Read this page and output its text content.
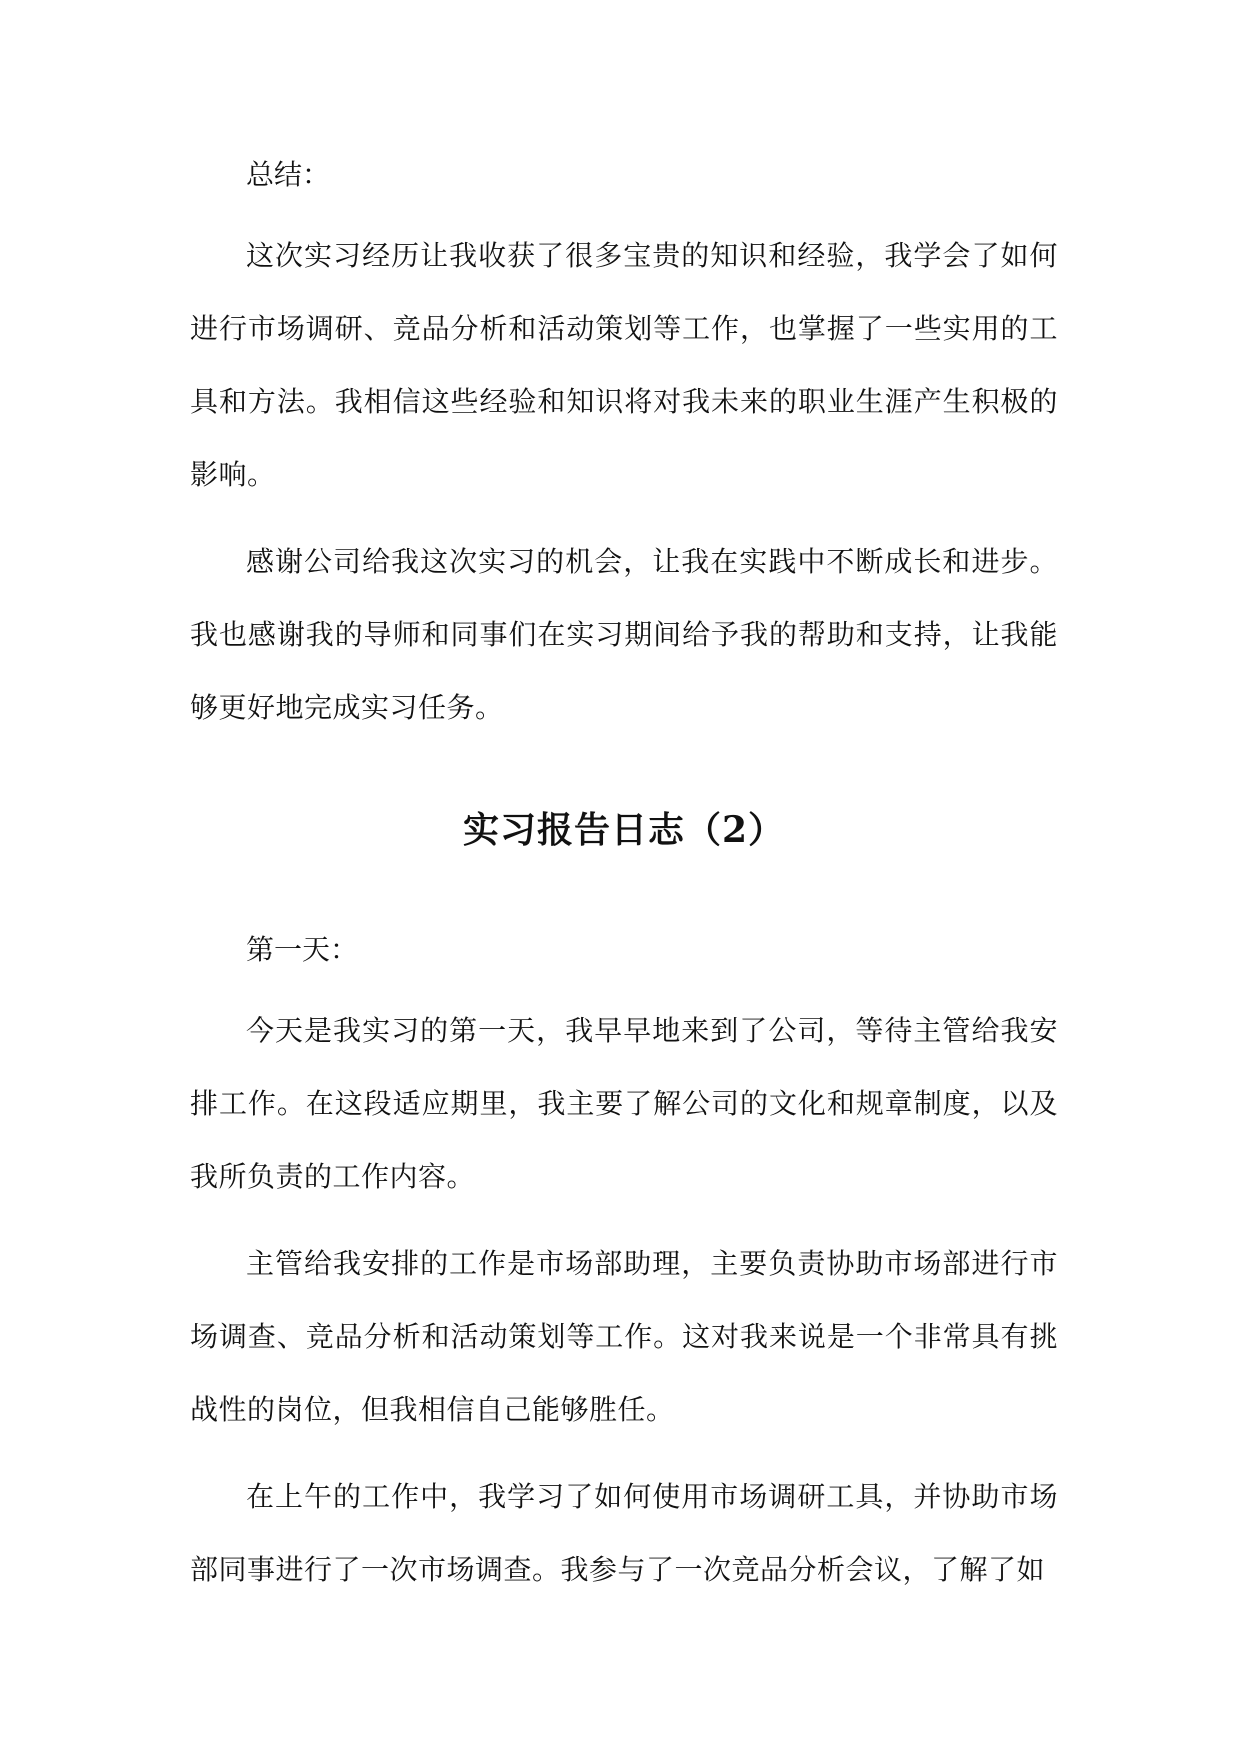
总结：

这次实习经历让我收获了很多宝贵的知识和经验，我学会了如何进行市场调研、竞品分析和活动策划等工作，也掌握了一些实用的工具和方法。我相信这些经验和知识将对我未来的职业生涯产生积极的影响。

感谢公司给我这次实习的机会，让我在实践中不断成长和进步。我也感谢我的导师和同事们在实习期间给予我的帮助和支持，让我能够更好地完成实习任务。

实习报告日志（2）

第一天：

今天是我实习的第一天，我早早地来到了公司，等待主管给我安排工作。在这段适应期里，我主要了解公司的文化和规章制度，以及我所负责的工作内容。

主管给我安排的工作是市场部助理，主要负责协助市场部进行市场调查、竞品分析和活动策划等工作。这对我来说是一个非常具有挑战性的岗位，但我相信自己能够胜任。

在上午的工作中，我学习了如何使用市场调研工具，并协助市场部同事进行了一次市场调查。我参与了一次竞品分析会议，了解了如
